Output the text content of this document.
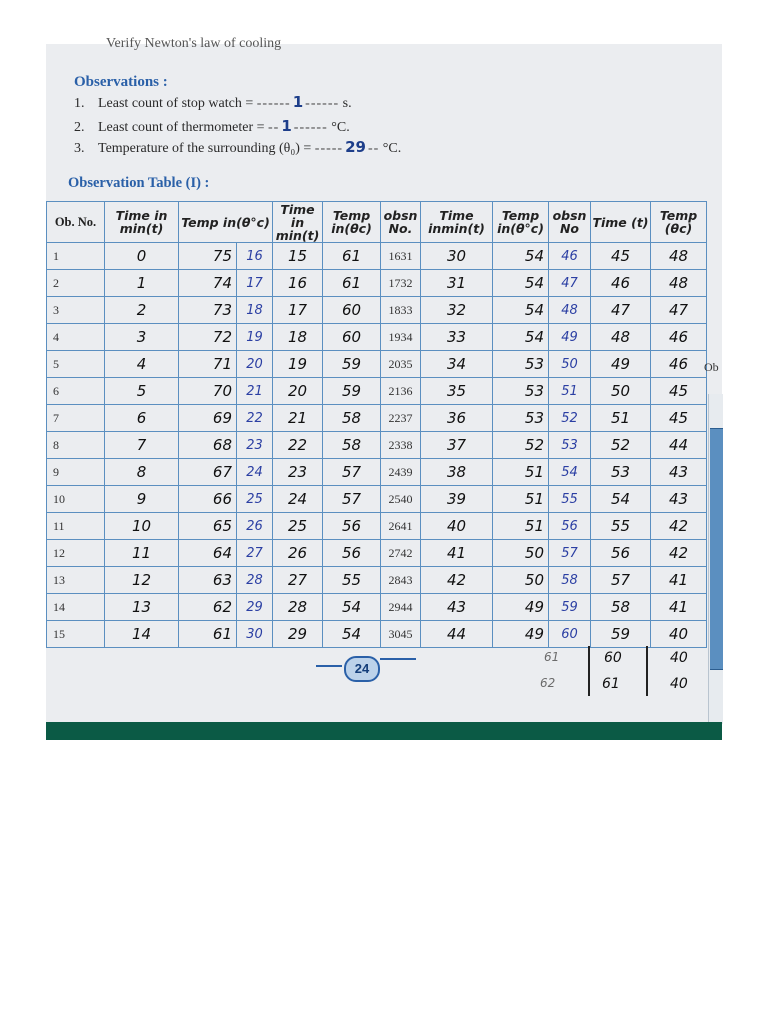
Verify Newton's law of cooling
Observations :
1. Least count of stop watch = ------ 1 ------ s.
2. Least count of thermometer = -- 1 ------ °C.
3. Temperature of the surrounding (θ₀) = ----- 29 -- °C.
Observation Table (I) :
Ob. No.	Time in min(t)	Temp in(θ°c)		Time in min(t)	Temp in(θc)	obsn No.	Time inmin(t)	Temp in(θ°c)	obsn No	Time (t)	Temp (θc)
1	0	75	16	15	61	1631	30	54	46	45	48
2	1	74	17	16	61	1732	31	54	47	46	48
3	2	73	18	17	60	1833	32	54	48	47	47
4	3	72	19	18	60	1934	33	54	49	48	46
5	4	71	20	19	59	2035	34	53	50	49	46
6	5	70	21	20	59	2136	35	53	51	50	45
7	6	69	22	21	58	2237	36	53	52	51	45
8	7	68	23	22	58	2338	37	52	53	52	44
9	8	67	24	23	57	2439	38	51	54	53	43
10	9	66	25	24	57	2540	39	51	55	54	43
11	10	65	26	25	56	2641	40	51	56	55	42
12	11	64	27	26	56	2742	41	50	57	56	42
13	12	63	28	27	55	2843	42	50	58	57	41
14	13	62	29	28	54	2944	43	49	59	58	41
15	14	61	30	29	54	3045	44	49	60	59	40
61	60	40
62	61	40
24
Ob
